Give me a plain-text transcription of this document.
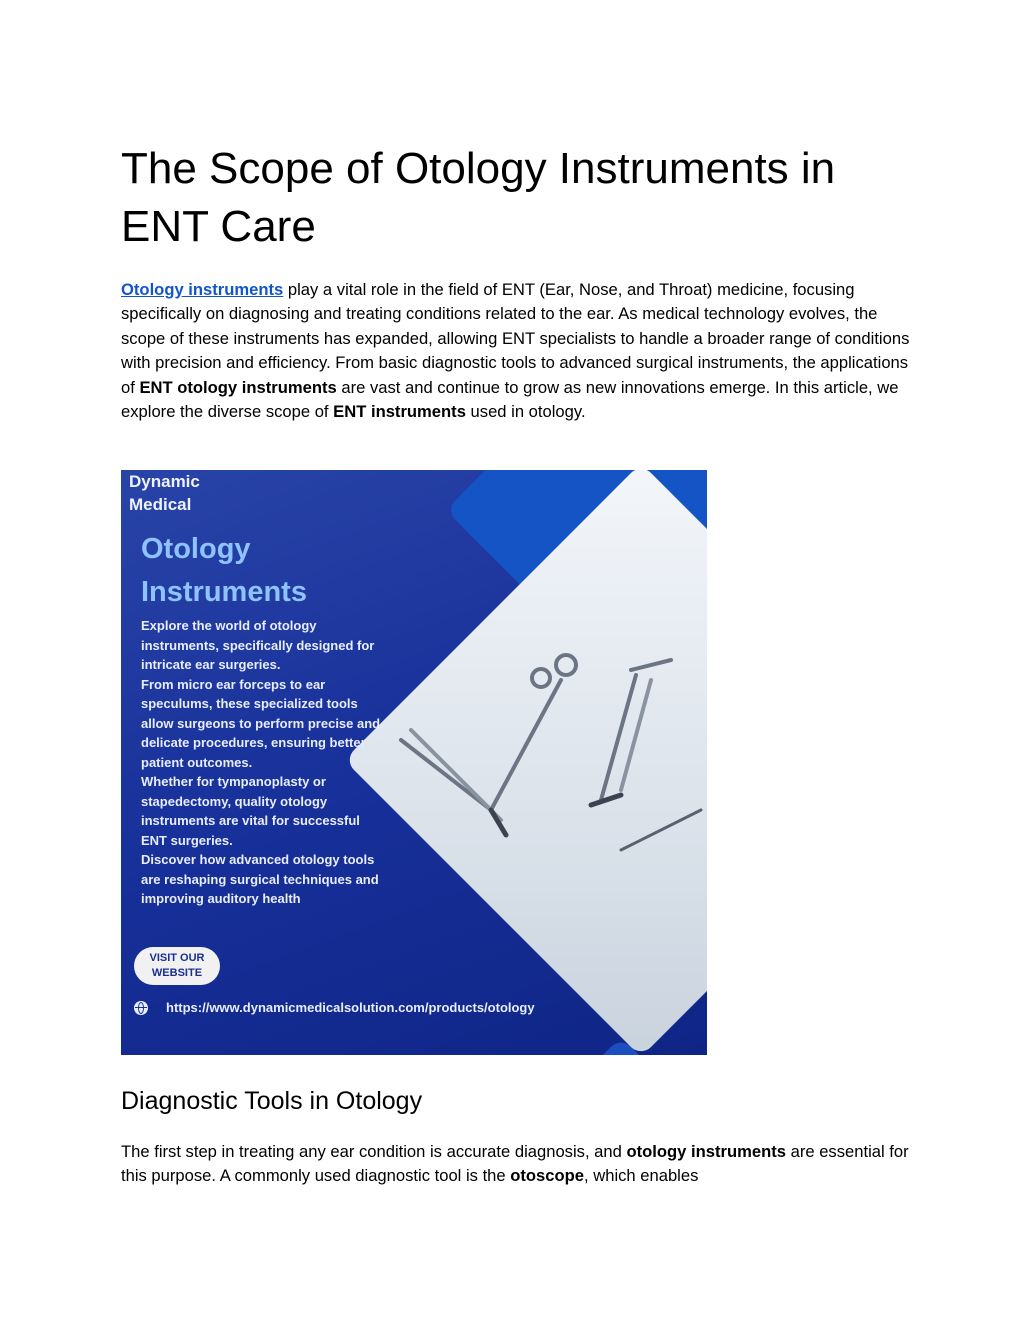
The Scope of Otology Instruments in ENT Care

Otology instruments play a vital role in the field of ENT (Ear, Nose, and Throat) medicine, focusing specifically on diagnosing and treating conditions related to the ear. As medical technology evolves, the scope of these instruments has expanded, allowing ENT specialists to handle a broader range of conditions with precision and efficiency. From basic diagnostic tools to advanced surgical instruments, the applications of ENT otology instruments are vast and continue to grow as new innovations emerge. In this article, we explore the diverse scope of ENT instruments used in otology.

Dynamic
Medical
Otology
Instruments
Explore the world of otology instruments, specifically designed for intricate ear surgeries.
From micro ear forceps to ear speculums, these specialized tools allow surgeons to perform precise and delicate procedures, ensuring better patient outcomes.
Whether for tympanoplasty or stapedectomy, quality otology instruments are vital for successful ENT surgeries.
Discover how advanced otology tools are reshaping surgical techniques and improving auditory health
VISIT OUR
WEBSITE
https://www.dynamicmedicalsolution.com/products/otology
Diagnostic Tools in Otology

The first step in treating any ear condition is accurate diagnosis, and otology instruments are essential for this purpose. A commonly used diagnostic tool is the otoscope, which enables
